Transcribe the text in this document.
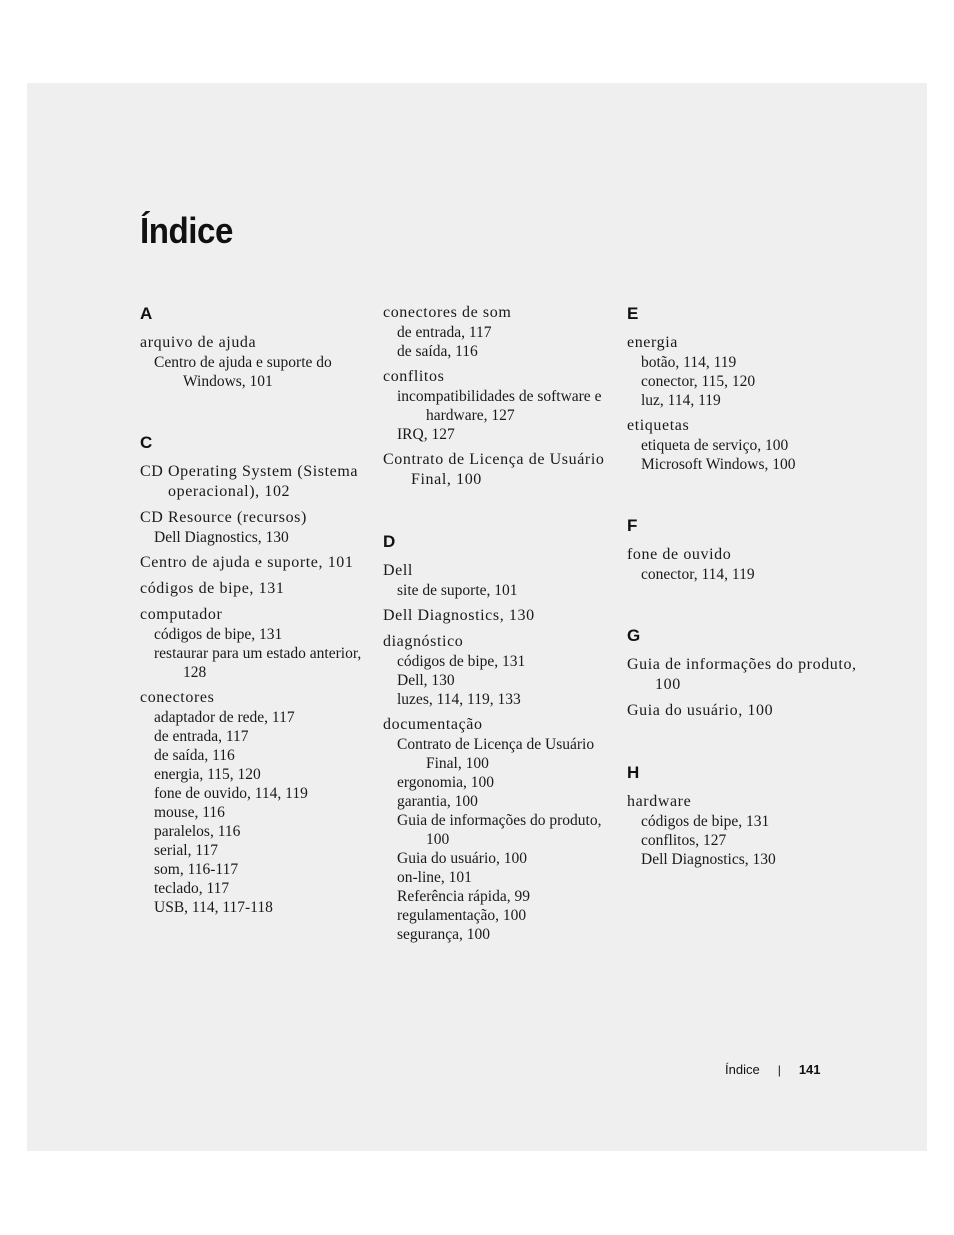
Índice
A
arquivo de ajuda
Centro de ajuda e suporte do Windows, 101
C
CD Operating System (Sistema operacional), 102
CD Resource (recursos)
Dell Diagnostics, 130
Centro de ajuda e suporte, 101
códigos de bipe, 131
computador
códigos de bipe, 131
restaurar para um estado anterior, 128
conectores
adaptador de rede, 117
de entrada, 117
de saída, 116
energia, 115, 120
fone de ouvido, 114, 119
mouse, 116
paralelos, 116
serial, 117
som, 116-117
teclado, 117
USB, 114, 117-118
conectores de som
de entrada, 117
de saída, 116
conflitos
incompatibilidades de software e hardware, 127
IRQ, 127
Contrato de Licença de Usuário Final, 100
D
Dell
site de suporte, 101
Dell Diagnostics, 130
diagnóstico
códigos de bipe, 131
Dell, 130
luzes, 114, 119, 133
documentação
Contrato de Licença de Usuário Final, 100
ergonomia, 100
garantia, 100
Guia de informações do produto, 100
Guia do usuário, 100
on-line, 101
Referência rápida, 99
regulamentação, 100
segurança, 100
E
energia
botão, 114, 119
conector, 115, 120
luz, 114, 119
etiquetas
etiqueta de serviço, 100
Microsoft Windows, 100
F
fone de ouvido
conector, 114, 119
G
Guia de informações do produto, 100
Guia do usuário, 100
H
hardware
códigos de bipe, 131
conflitos, 127
Dell Diagnostics, 130
Índice | 141
